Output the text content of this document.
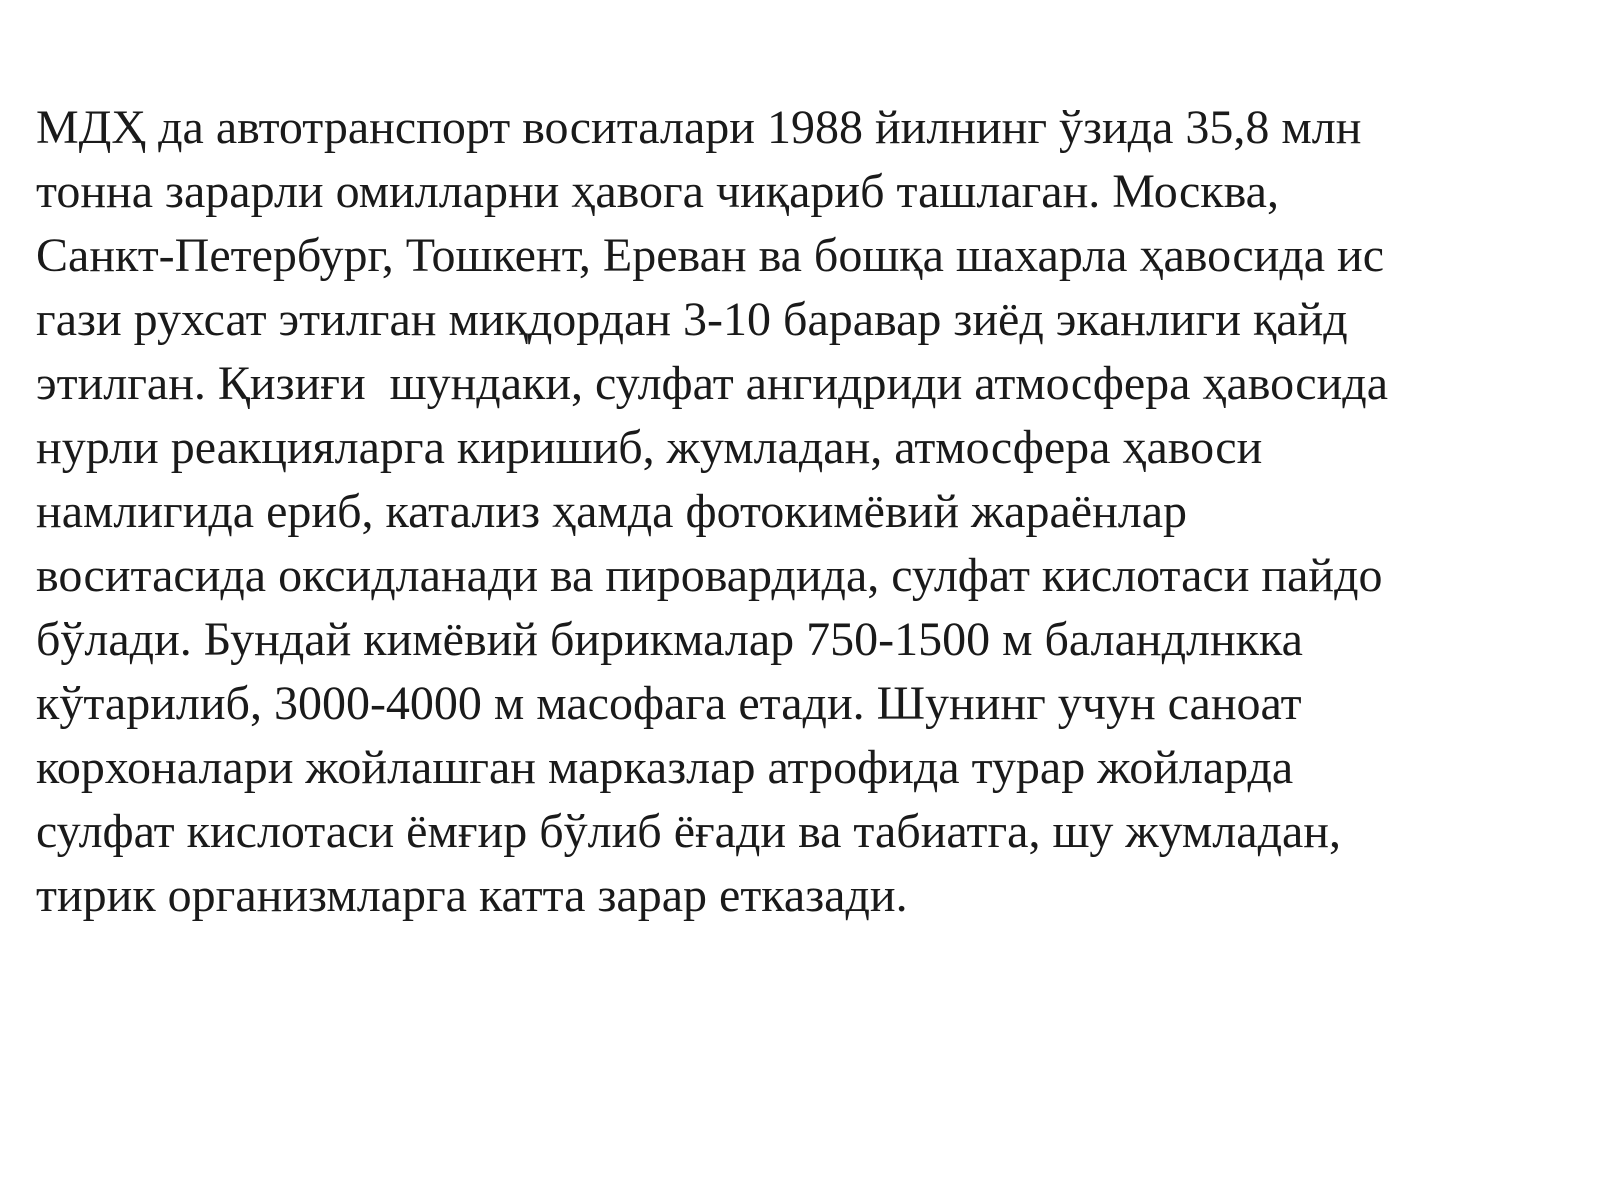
МДҲ да автотранспорт воситалари 1988 йилнинг ўзида 35,8 млн
тонна зарарли омилларни ҳавога чиқариб ташлаган. Москва,
Санкт-Петербург, Тошкент, Ереван ва бошқа шахарла ҳавосида ис
гази рухсат этилган миқдордан 3-10 баравар зиёд эканлиги қайд
этилган. Қизиғи  шундаки, сулфат ангидриди атмосфера ҳавосида
нурли реакцияларга киришиб, жумладан, атмосфера ҳавоси
намлигида ериб, катализ ҳамда фотокимёвий жараёнлар
воситасида оксидланади ва пировардида, сулфат кислотаси пайдо
бўлади. Бундай кимёвий бирикмалар 750-1500 м баландлнкка
кўтарилиб, 3000-4000 м масофага етади. Шунинг учун саноат
корхоналари жойлашган марказлар атрофида турар жойларда
сулфат кислотаси ёмғир бўлиб ёғади ва табиатга, шу жумладан,
тирик организмларга катта зарар етказади.
